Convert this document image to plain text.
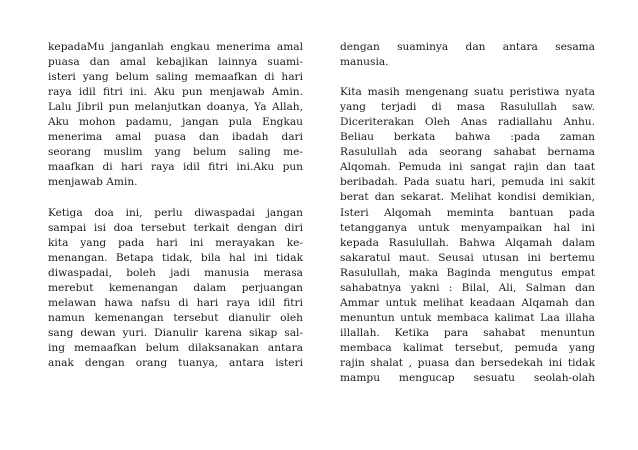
kepadaMu janganlah engkau menerima amal
puasa dan amal kebajikan lainnya suami-
isteri yang belum saling memaafkan di hari
raya idil fitri ini. Aku pun menjawab Amin.
Lalu Jibril pun melanjutkan doanya, Ya Allah,
Aku mohon padamu, jangan pula Engkau
menerima amal puasa dan ibadah dari
seorang muslim yang belum saling me-
maafkan di hari raya idil fitri ini.Aku pun
menjawab Amin.
Ketiga doa ini, perlu diwaspadai jangan
sampai isi doa tersebut terkait dengan diri
kita yang pada hari ini merayakan ke-
menangan. Betapa tidak, bila hal ini tidak
diwaspadai, boleh jadi manusia merasa
merebut kemenangan dalam perjuangan
melawan hawa nafsu di hari raya idil fitri
namun kemenangan tersebut dianulir oleh
sang dewan yuri. Dianulir karena sikap sal-
ing memaafkan belum dilaksanakan antara
anak dengan orang tuanya, antara isteri
dengan suaminya dan antara sesama
manusia.
Kita masih mengenang suatu peristiwa nyata
yang terjadi di masa Rasulullah saw.
Diceriterakan Oleh Anas radiallahu Anhu.
Beliau berkata bahwa :pada zaman
Rasulullah ada seorang sahabat bernama
Alqomah. Pemuda ini sangat rajin dan taat
beribadah. Pada suatu hari, pemuda ini sakit
berat dan sekarat. Melihat kondisi demikian,
Isteri Alqomah meminta bantuan pada
tetangganya untuk menyampaikan hal ini
kepada Rasulullah. Bahwa Alqamah dalam
sakaratul maut. Seusai utusan ini bertemu
Rasulullah, maka Baginda mengutus empat
sahabatnya yakni : Bilal, Ali, Salman dan
Ammar untuk melihat keadaan Alqamah dan
menuntun untuk membaca kalimat Laa illaha
illallah. Ketika para sahabat menuntun
membaca kalimat tersebut, pemuda yang
rajin shalat , puasa dan bersedekah ini tidak
mampu mengucap sesuatu seolah-olah
